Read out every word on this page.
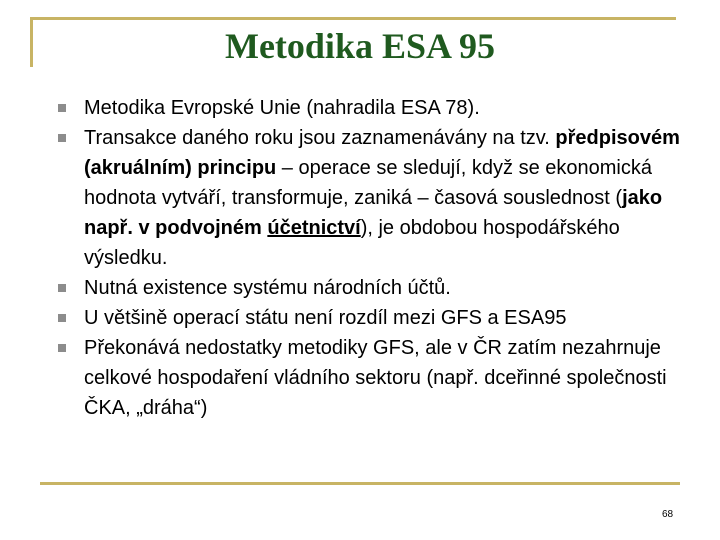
Metodika ESA 95
Metodika Evropské Unie (nahradila ESA 78).
Transakce daného roku jsou zaznamenávány na tzv. předpisovém (akruálním) principu – operace se sledují, když se ekonomická hodnota vytváří, transformuje, zaniká – časová souslednost (jako např. v podvojném účetnictví), je obdobou hospodářského výsledku.
Nutná existence systému národních účtů.
U většině operací státu není rozdíl mezi GFS a ESA95
Překonává nedostatky metodiky GFS, ale v ČR zatím nezahrnuje celkové hospodaření vládního sektoru (např. dceřinné společnosti ČKA, „dráha“)
68
